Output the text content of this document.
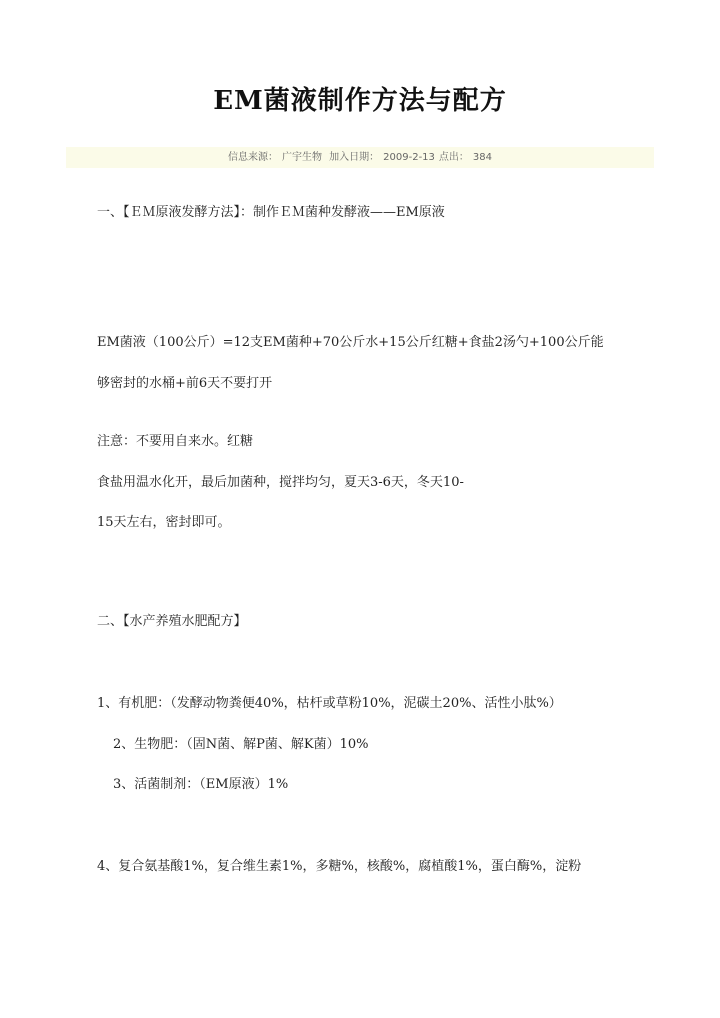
EM菌液制作方法与配方
信息来源： 广宇生物 加入日期： 2009-2-13 点出： 384
一、【ＥＭ原液发酵方法】：制作ＥＭ菌种发酵液——EM原液
EM菌液（100公斤）=12支EM菌种+70公斤水+15公斤红糖+食盐2汤勺+100公斤能
够密封的水桶+前6天不要打开
注意：不要用自来水。红糖
食盐用温水化开，最后加菌种，搅拌均匀，夏天3-6天，冬天10-
15天左右，密封即可。
二、【水产养殖水肥配方】
1、有机肥：（发酵动物粪便40%，枯杆或草粉10%，泥碳土20%、活性小肽%）
2、生物肥：（固N菌、解P菌、解K菌）10%
3、活菌制剂：（EM原液）1%
4、复合氨基酸1%，复合维生素1%，多糖%，核酸%，腐植酸1%，蛋白酶%，淀粉
